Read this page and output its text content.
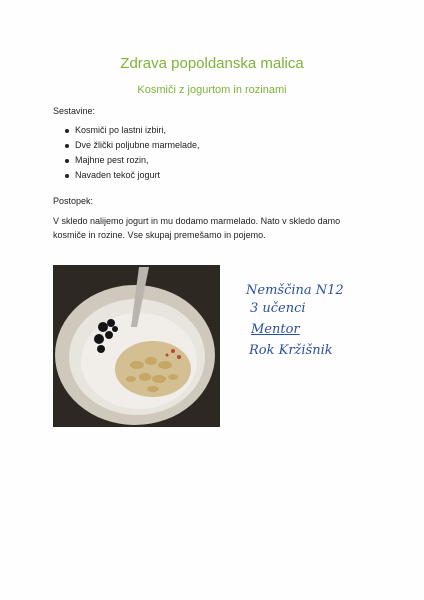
Zdrava popoldanska malica
Kosmiči z jogurtom in rozinami
Sestavine:
Kosmiči po lastni izbiri,
Dve žlički poljubne marmelade,
Majhne pest rozin,
Navaden tekoč jogurt
Postopek:
V skledo nalijemo jogurt in mu dodamo marmelado. Nato v skledo damo kosmiče in rozine. Vse skupaj premešamo in pojemo.
Nemščina N12
3 učenci
Mentor
Rok Kržišnik
